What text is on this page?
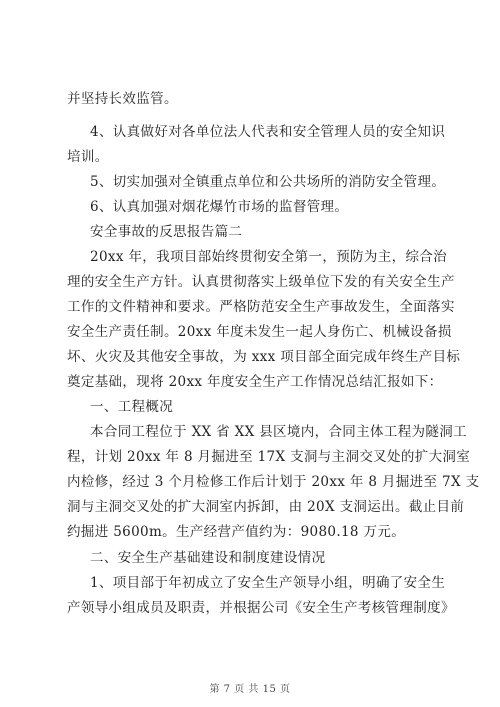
并坚持长效监管。
4、认真做好对各单位法人代表和安全管理人员的安全知识
培训。
5、切实加强对全镇重点单位和公共场所的消防安全管理。
6、认真加强对烟花爆竹市场的监督管理。
安全事故的反思报告篇二
20xx 年，我项目部始终贯彻安全第一，预防为主，综合治
理的安全生产方针。认真贯彻落实上级单位下发的有关安全生产
工作的文件精神和要求。严格防范安全生产事故发生，全面落实
安全生产责任制。20xx 年度未发生一起人身伤亡、机械设备损
坏、火灾及其他安全事故，为 xxx 项目部全面完成年终生产目标
奠定基础，现将 20xx 年度安全生产工作情况总结汇报如下：
一、工程概况
本合同工程位于 XX 省 XX 县区境内，合同主体工程为隧洞工
程，计划 20xx 年 8 月掘进至 17X 支洞与主洞交叉处的扩大洞室
内检修，经过 3 个月检修工作后计划于 20xx 年 8 月掘进至 7X 支
洞与主洞交叉处的扩大洞室内拆卸，由 20X 支洞运出。截止目前
约掘进 5600m。生产经营产值约为：9080.18 万元。
二、安全生产基础建设和制度建设情况
1、项目部于年初成立了安全生产领导小组，明确了安全生
产领导小组成员及职责，并根据公司《安全生产考核管理制度》
第 7 页 共 15 页
